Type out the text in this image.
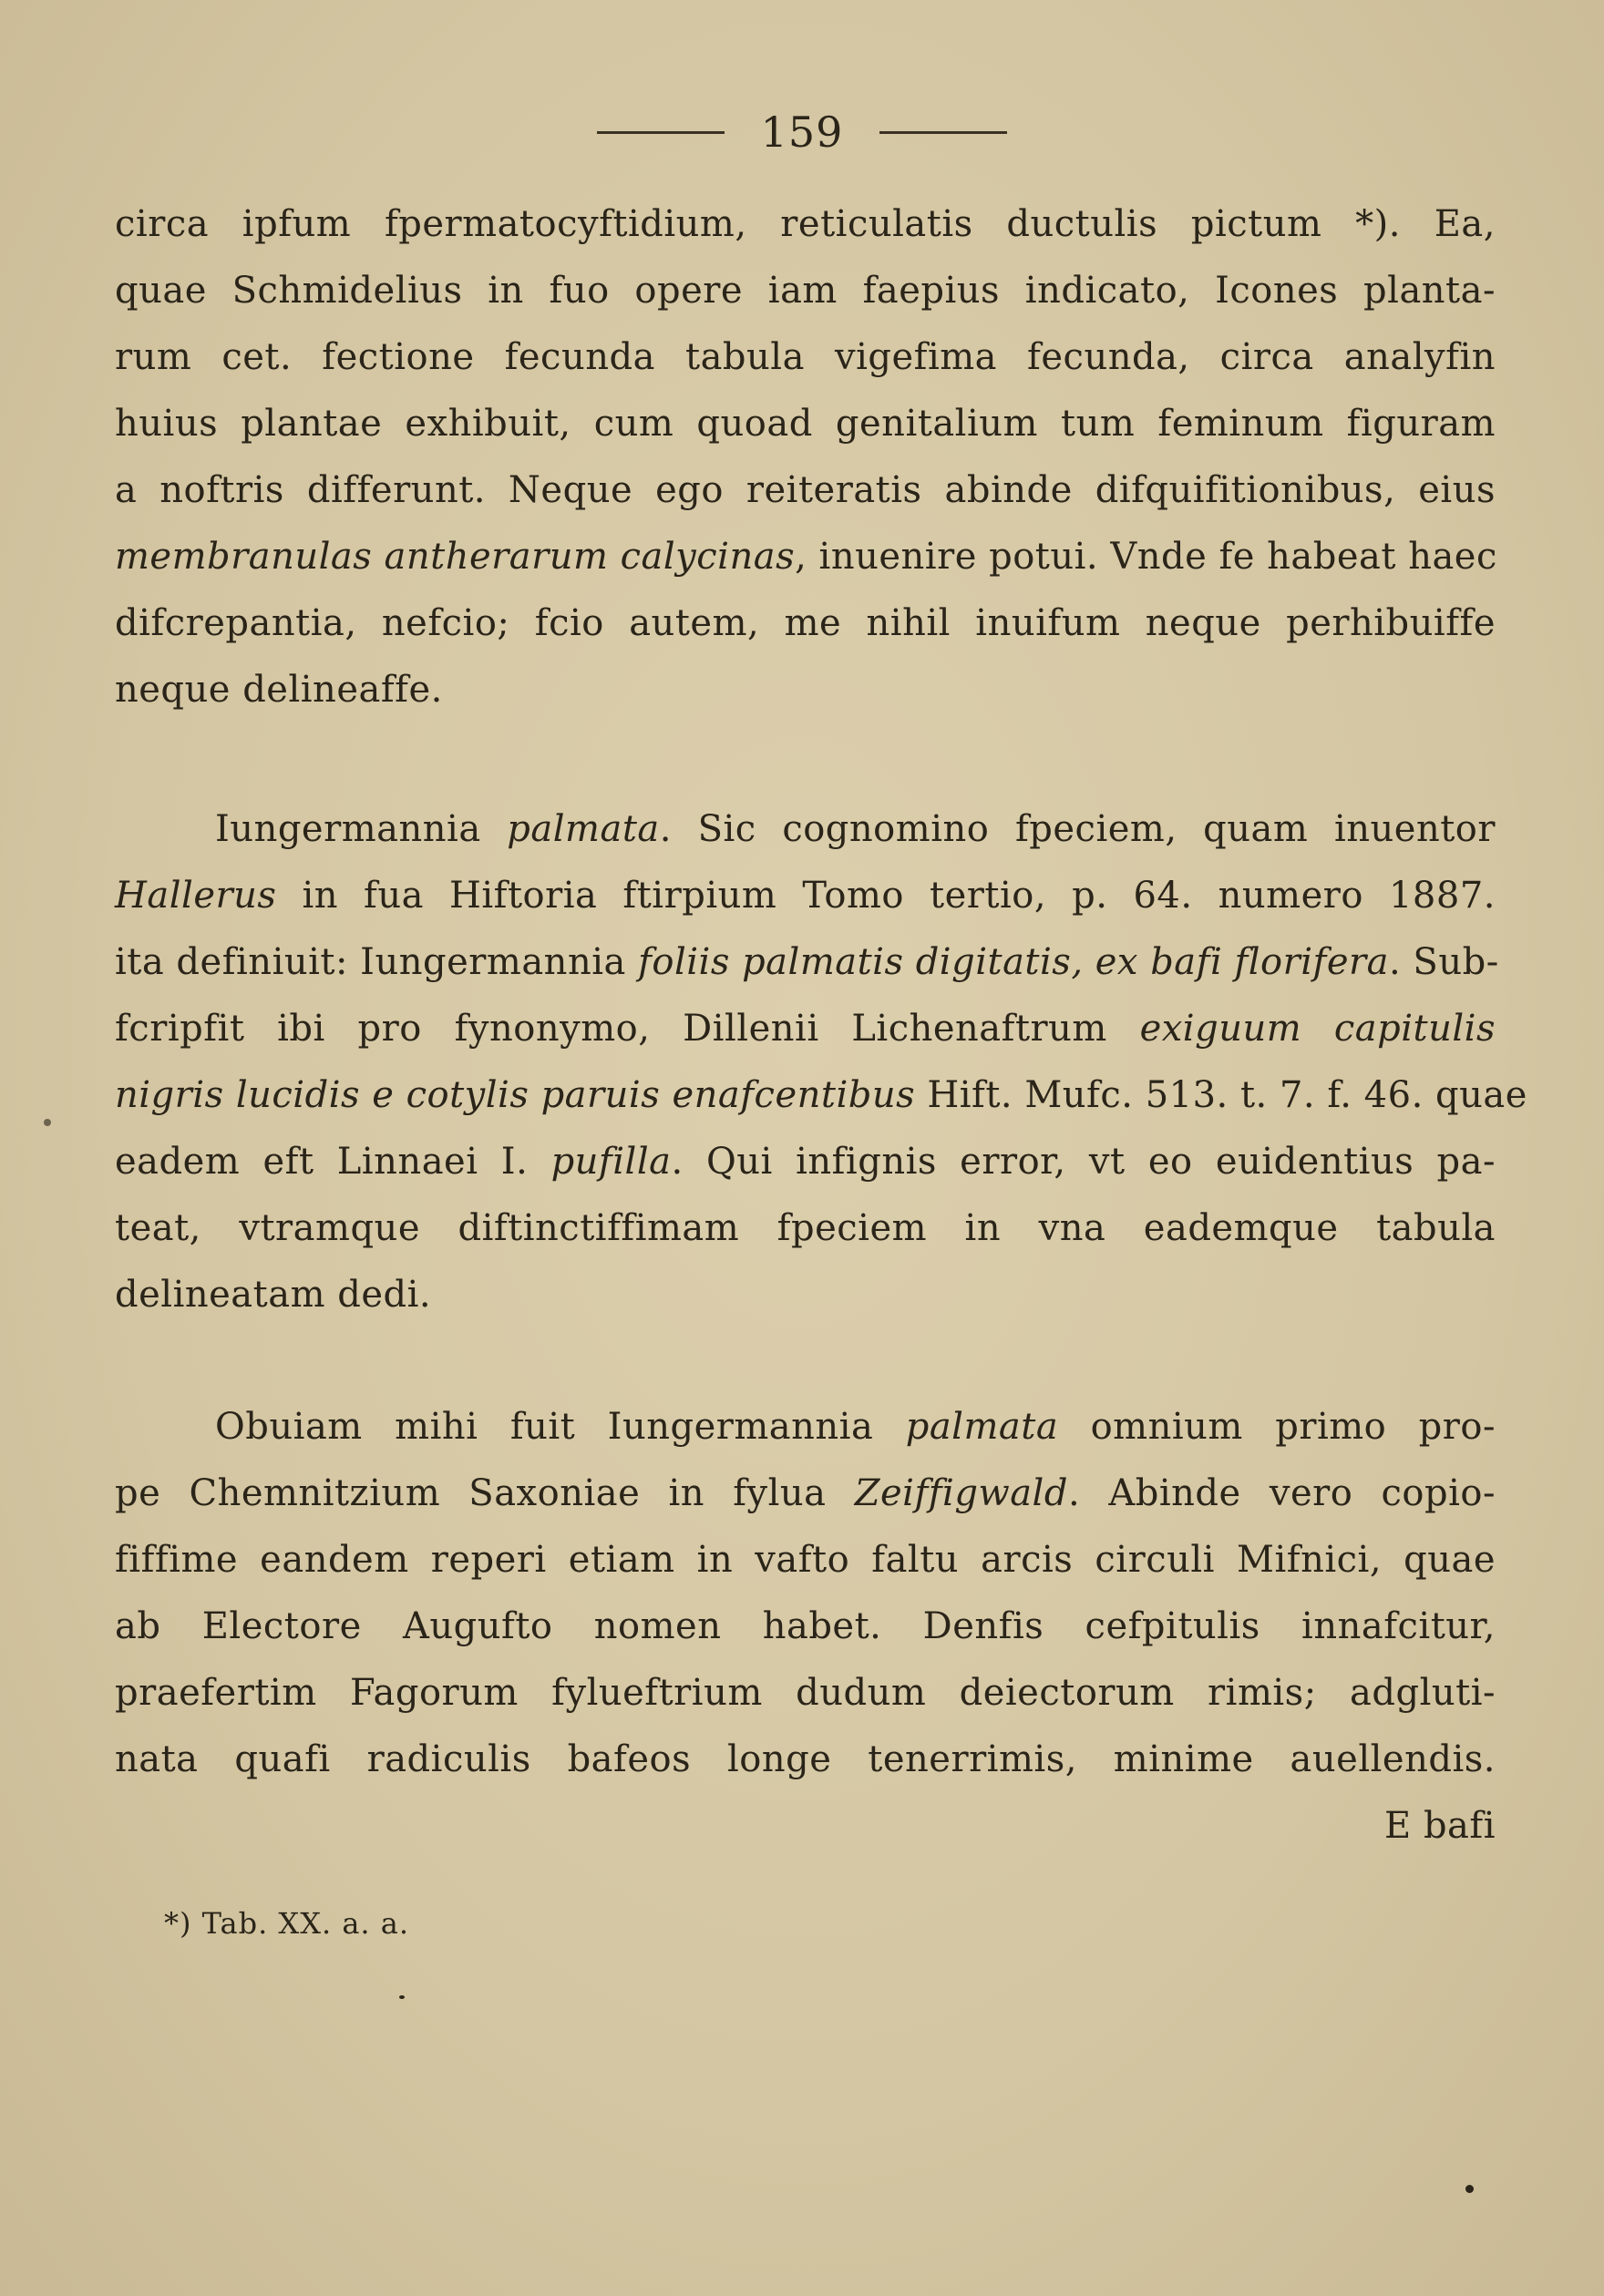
159
circa ipfum fpermatocyftidium, reticulatis ductulis pictum *). Ea,
quae Schmidelius in fuo opere iam faepius indicato, Icones planta-
rum cet. fectione fecunda tabula vigefima fecunda, circa analyfin
huius plantae exhibuit, cum quoad genitalium tum feminum figuram
a noftris differunt. Neque ego reiteratis abinde difquifitionibus, eius
membranulas antherarum calycinas, inuenire potui. Vnde fe habeat haec
difcrepantia, nefcio; fcio autem, me nihil inuifum neque perhibuiffe
neque delineaffe.
Iungermannia palmata. Sic cognomino fpeciem, quam inuentor
Hallerus in fua Hiftoria ftirpium Tomo tertio, p. 64. numero 1887.
ita definiuit: Iungermannia foliis palmatis digitatis, ex bafi florifera. Sub-
fcripfit ibi pro fynonymo, Dillenii Lichenaftrum exiguum capitulis
nigris lucidis e cotylis paruis enafcentibus Hift. Mufc. 513. t. 7. f. 46. quae
eadem eft Linnaei I. pufilla. Qui infignis error, vt eo euidentius pa-
teat, vtramque diftinctiffimam fpeciem in vna eademque tabula
delineatam dedi.
Obuiam mihi fuit Iungermannia palmata omnium primo pro-
pe Chemnitzium Saxoniae in fylua Zeiffigwald. Abinde vero copio-
fiffime eandem reperi etiam in vafto faltu arcis circuli Mifnici, quae
ab Electore Augufto nomen habet. Denfis cefpitulis innafcitur,
praefertim Fagorum fylueftrium dudum deiectorum rimis; adgluti-
nata quafi radiculis bafeos longe tenerrimis, minime auellendis.
E bafi
*) Tab. XX. a. a.
